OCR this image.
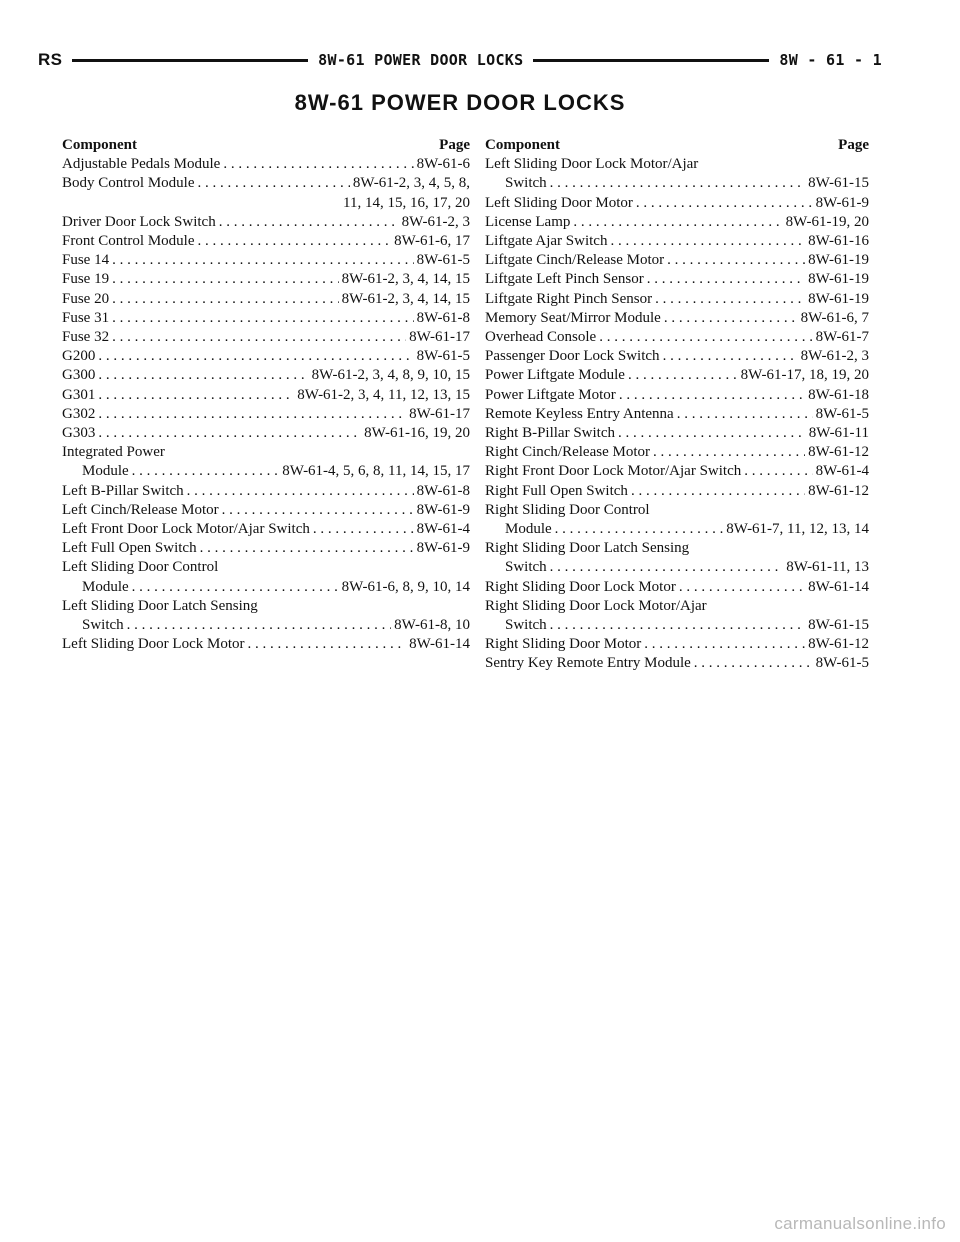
RS	8W-61 POWER DOOR LOCKS	8W - 61 - 1
8W-61 POWER DOOR LOCKS
Component	Page
Adjustable Pedals Module . . .	8W-61-6
Body Control Module . . .	8W-61-2, 3, 4, 5, 8,
11, 14, 15, 16, 17, 20
Driver Door Lock Switch . . .	8W-61-2, 3
Front Control Module . . .	8W-61-6, 17
Fuse 14 . . .	8W-61-5
Fuse 19 . . .	8W-61-2, 3, 4, 14, 15
Fuse 20 . . .	8W-61-2, 3, 4, 14, 15
Fuse 31 . . .	8W-61-8
Fuse 32 . . .	8W-61-17
G200 . . .	8W-61-5
G300 . . .	8W-61-2, 3, 4, 8, 9, 10, 15
G301 . . .	8W-61-2, 3, 4, 11, 12, 13, 15
G302 . . .	8W-61-17
G303 . . .	8W-61-16, 19, 20
Integrated Power
Module . . .	8W-61-4, 5, 6, 8, 11, 14, 15, 17
Left B-Pillar Switch . . .	8W-61-8
Left Cinch/Release Motor . . .	8W-61-9
Left Front Door Lock Motor/Ajar Switch . . .	8W-61-4
Left Full Open Switch . . .	8W-61-9
Left Sliding Door Control
Module . . .	8W-61-6, 8, 9, 10, 14
Left Sliding Door Latch Sensing
Switch . . .	8W-61-8, 10
Left Sliding Door Lock Motor . . .	8W-61-14
Component	Page
Left Sliding Door Lock Motor/Ajar
Switch . . .	8W-61-15
Left Sliding Door Motor . . .	8W-61-9
License Lamp . . .	8W-61-19, 20
Liftgate Ajar Switch . . .	8W-61-16
Liftgate Cinch/Release Motor . . .	8W-61-19
Liftgate Left Pinch Sensor . . .	8W-61-19
Liftgate Right Pinch Sensor . . .	8W-61-19
Memory Seat/Mirror Module . . .	8W-61-6, 7
Overhead Console . . .	8W-61-7
Passenger Door Lock Switch . . .	8W-61-2, 3
Power Liftgate Module . . .	8W-61-17, 18, 19, 20
Power Liftgate Motor . . .	8W-61-18
Remote Keyless Entry Antenna . . .	8W-61-5
Right B-Pillar Switch . . .	8W-61-11
Right Cinch/Release Motor . . .	8W-61-12
Right Front Door Lock Motor/Ajar Switch . . .	8W-61-4
Right Full Open Switch . . .	8W-61-12
Right Sliding Door Control
Module . . .	8W-61-7, 11, 12, 13, 14
Right Sliding Door Latch Sensing
Switch . . .	8W-61-11, 13
Right Sliding Door Lock Motor . . .	8W-61-14
Right Sliding Door Lock Motor/Ajar
Switch . . .	8W-61-15
Right Sliding Door Motor . . .	8W-61-12
Sentry Key Remote Entry Module . . .	8W-61-5
carmanualsonline.info
